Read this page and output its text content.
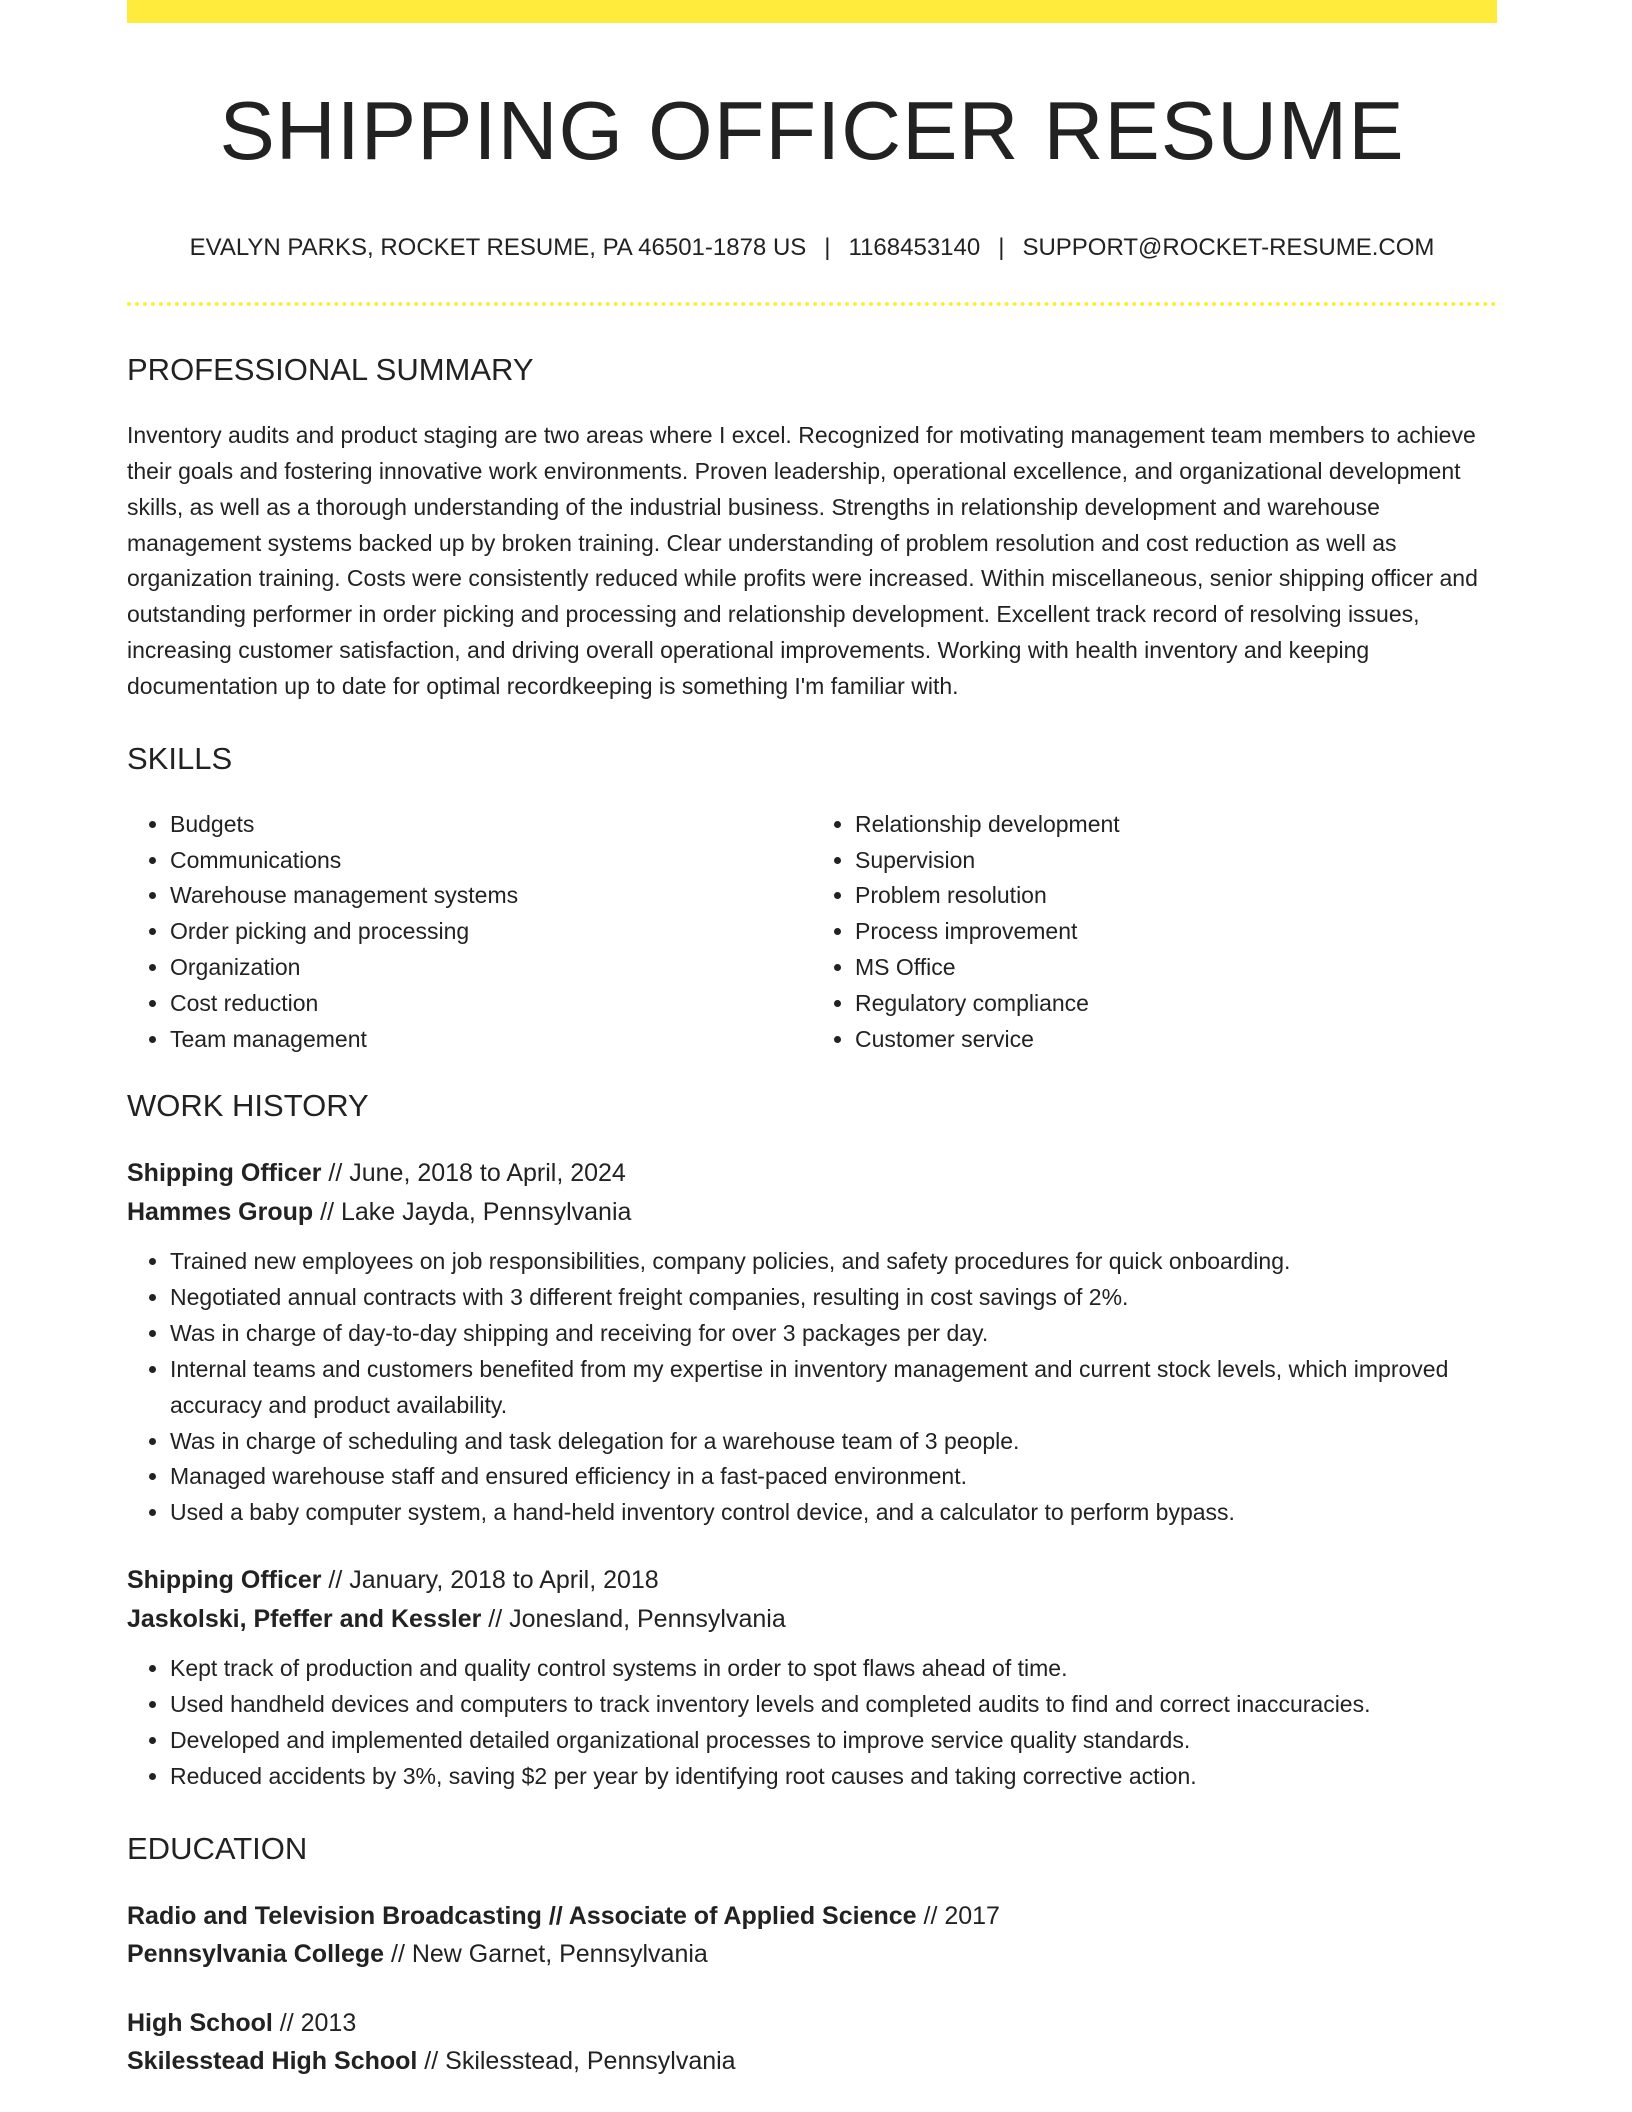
SHIPPING OFFICER RESUME
EVALYN PARKS, ROCKET RESUME, PA 46501-1878 US | 1168453140 | SUPPORT@ROCKET-RESUME.COM
PROFESSIONAL SUMMARY

Inventory audits and product staging are two areas where I excel. Recognized for motivating management team members to achieve their goals and fostering innovative work environments. Proven leadership, operational excellence, and organizational development skills, as well as a thorough understanding of the industrial business. Strengths in relationship development and warehouse management systems backed up by broken training. Clear understanding of problem resolution and cost reduction as well as organization training. Costs were consistently reduced while profits were increased. Within miscellaneous, senior shipping officer and outstanding performer in order picking and processing and relationship development. Excellent track record of resolving issues, increasing customer satisfaction, and driving overall operational improvements. Working with health inventory and keeping documentation up to date for optimal recordkeeping is something I'm familiar with.

SKILLS
• Budgets
• Communications
• Warehouse management systems
• Order picking and processing
• Organization
• Cost reduction
• Team management
• Relationship development
• Supervision
• Problem resolution
• Process improvement
• MS Office
• Regulatory compliance
• Customer service
WORK HISTORY
Shipping Officer // June, 2018 to April, 2024
Hammes Group // Lake Jayda, Pennsylvania
• Trained new employees on job responsibilities, company policies, and safety procedures for quick onboarding.
• Negotiated annual contracts with 3 different freight companies, resulting in cost savings of 2%.
• Was in charge of day-to-day shipping and receiving for over 3 packages per day.
• Internal teams and customers benefited from my expertise in inventory management and current stock levels, which improved accuracy and product availability.
• Was in charge of scheduling and task delegation for a warehouse team of 3 people.
• Managed warehouse staff and ensured efficiency in a fast-paced environment.
• Used a baby computer system, a hand-held inventory control device, and a calculator to perform bypass.
Shipping Officer // January, 2018 to April, 2018
Jaskolski, Pfeffer and Kessler // Jonesland, Pennsylvania
• Kept track of production and quality control systems in order to spot flaws ahead of time.
• Used handheld devices and computers to track inventory levels and completed audits to find and correct inaccuracies.
• Developed and implemented detailed organizational processes to improve service quality standards.
• Reduced accidents by 3%, saving $2 per year by identifying root causes and taking corrective action.
EDUCATION
Radio and Television Broadcasting // Associate of Applied Science // 2017
Pennsylvania College // New Garnet, Pennsylvania
High School // 2013
Skilesstead High School // Skilesstead, Pennsylvania
